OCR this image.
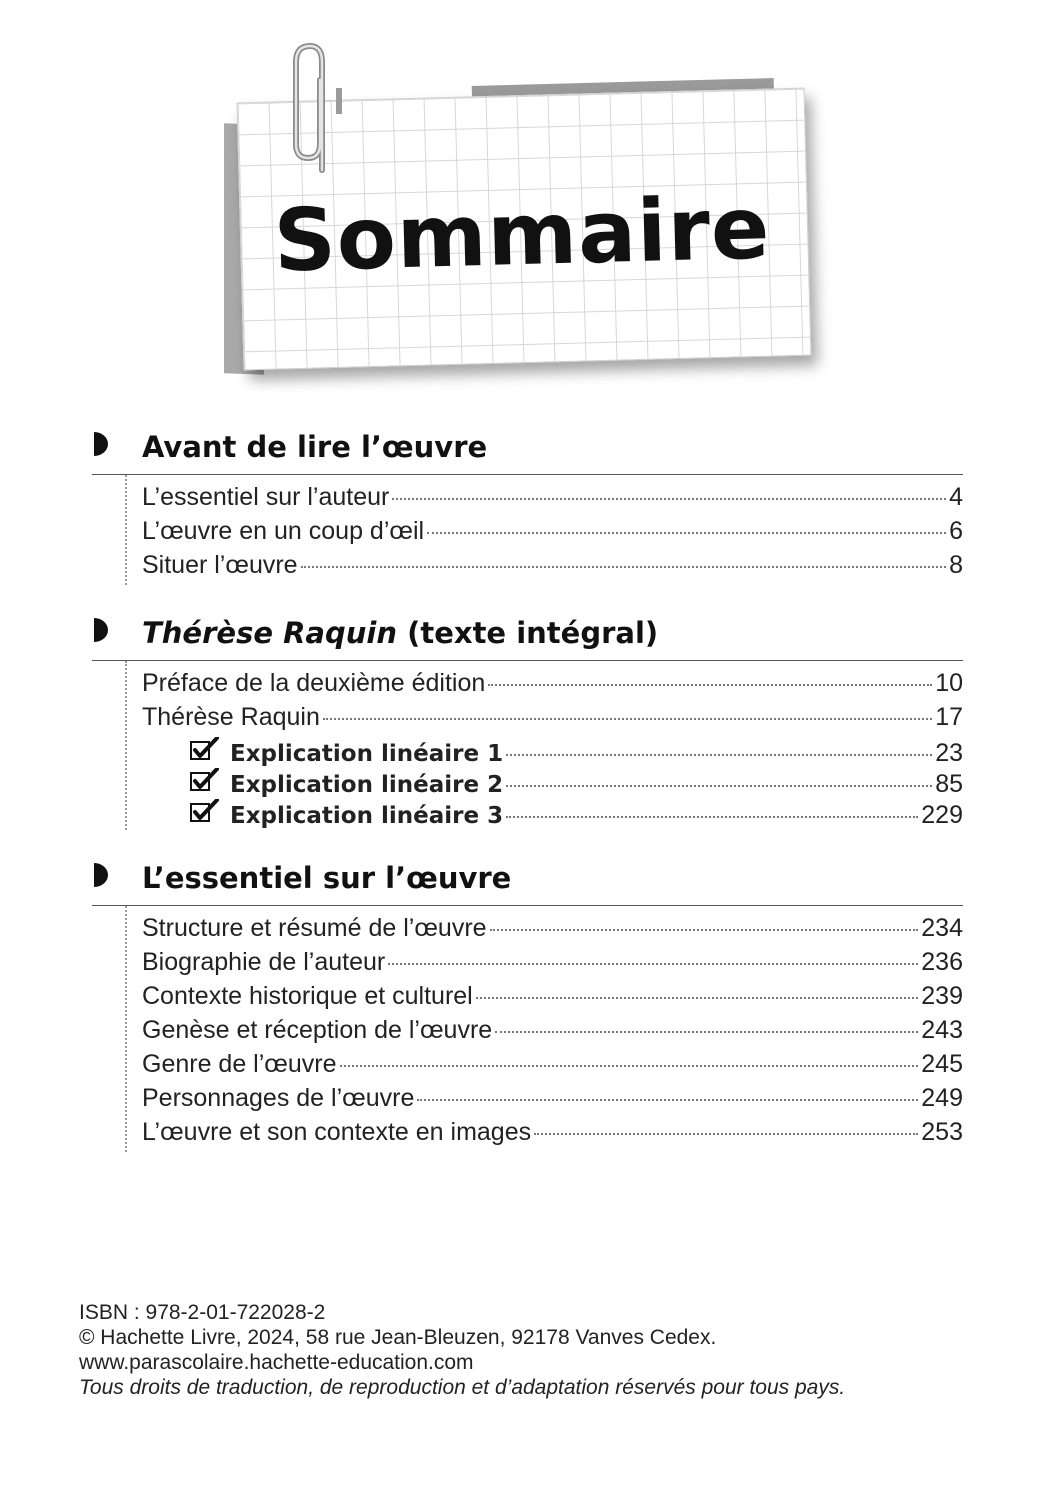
Sommaire
Avant de lire l’œuvre
L’essentiel sur l’auteur	4
L’œuvre en un coup d’œil	6
Situer l’œuvre	8
Thérèse Raquin (texte intégral)
Préface de la deuxième édition	10
Thérèse Raquin	17
Explication linéaire 1	23
Explication linéaire 2	85
Explication linéaire 3	229
L’essentiel sur l’œuvre
Structure et résumé de l’œuvre	234
Biographie de l’auteur	236
Contexte historique et culturel	239
Genèse et réception de l’œuvre	243
Genre de l’œuvre	245
Personnages de l’œuvre	249
L’œuvre et son contexte en images	253
ISBN : 978-2-01-722028-2
© Hachette Livre, 2024, 58 rue Jean-Bleuzen, 92178 Vanves Cedex.
www.parascolaire.hachette-education.com
Tous droits de traduction, de reproduction et d’adaptation réservés pour tous pays.
